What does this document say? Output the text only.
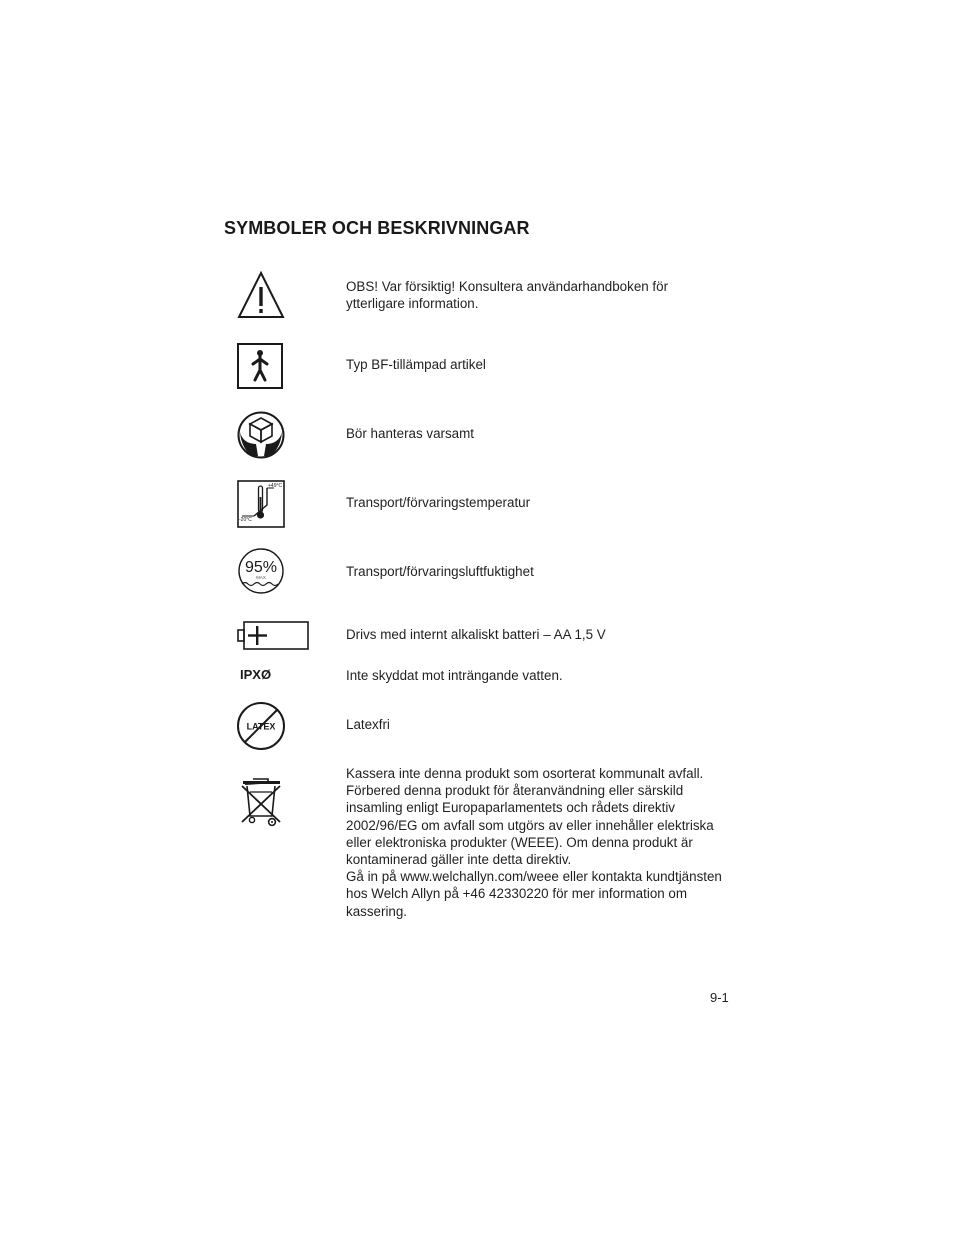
SYMBOLER OCH BESKRIVNINGAR
OBS! Var försiktig! Konsultera användarhandboken för ytterligare information.
Typ BF-tillämpad artikel
Bör hanteras varsamt
+49°C
-20°C
Transport/förvaringstemperatur
95%
MAX	Transport/förvaringsluftfuktighet
Drivs med internt alkaliskt batteri – AA 1,5 V
IPXØ	Inte skyddat mot inträngande vatten.
LATEX	Latexfri

Kassera inte denna produkt som osorterat kommunalt avfall. Förbered denna produkt för återanvändning eller särskild insamling enligt Europaparlamentets och rådets direktiv 2002/96/EG om avfall som utgörs av eller innehåller elektriska eller elektroniska produkter (WEEE). Om denna produkt är kontaminerad gäller inte detta direktiv.

Gå in på www.welchallyn.com/weee eller kontakta kundtjänsten hos Welch Allyn på +46 42330220 för mer information om kassering.

9-1
